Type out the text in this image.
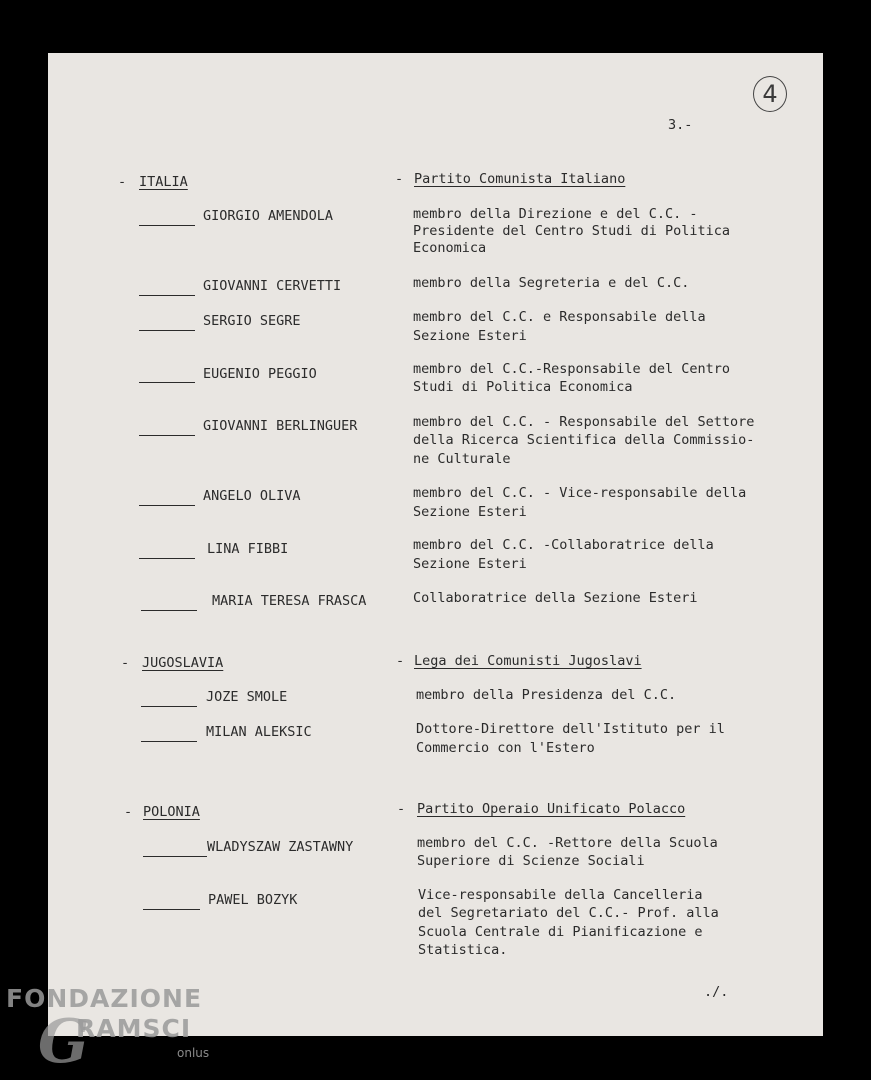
4
3.-
- ITALIA	- Partito Comunista Italiano
GIORGIO AMENDOLA	membro della Direzione e del C.C. -
Presidente del Centro Studi di Politica
Economica
GIOVANNI CERVETTI	membro della Segreteria e del C.C.
SERGIO SEGRE	membro del C.C. e Responsabile della
Sezione Esteri
EUGENIO PEGGIO	membro del C.C.-Responsabile del Centro
Studi di Politica Economica
GIOVANNI BERLINGUER	membro del C.C. - Responsabile del Settore
della Ricerca Scientifica della Commissio-
ne Culturale
ANGELO OLIVA	membro del C.C. - Vice-responsabile della
Sezione Esteri
LINA FIBBI	membro del C.C. -Collaboratrice della
Sezione Esteri
MARIA TERESA FRASCA	Collaboratrice della Sezione Esteri
- JUGOSLAVIA	- Lega dei Comunisti Jugoslavi
JOZE SMOLE	membro della Presidenza del C.C.
MILAN ALEKSIC	Dottore-Direttore dell'Istituto per il
Commercio con l'Estero
- POLONIA	- Partito Operaio Unificato Polacco
WLADYSZAW ZASTAWNY	membro del C.C. -Rettore della Scuola
Superiore di Scienze Sociali
PAWEL BOZYK	Vice-responsabile della Cancelleria
del Segretariato del C.C.- Prof. alla
Scuola Centrale di Pianificazione e
Statistica.
./.
FONDAZIONE
G
RAMSCI
onlus
